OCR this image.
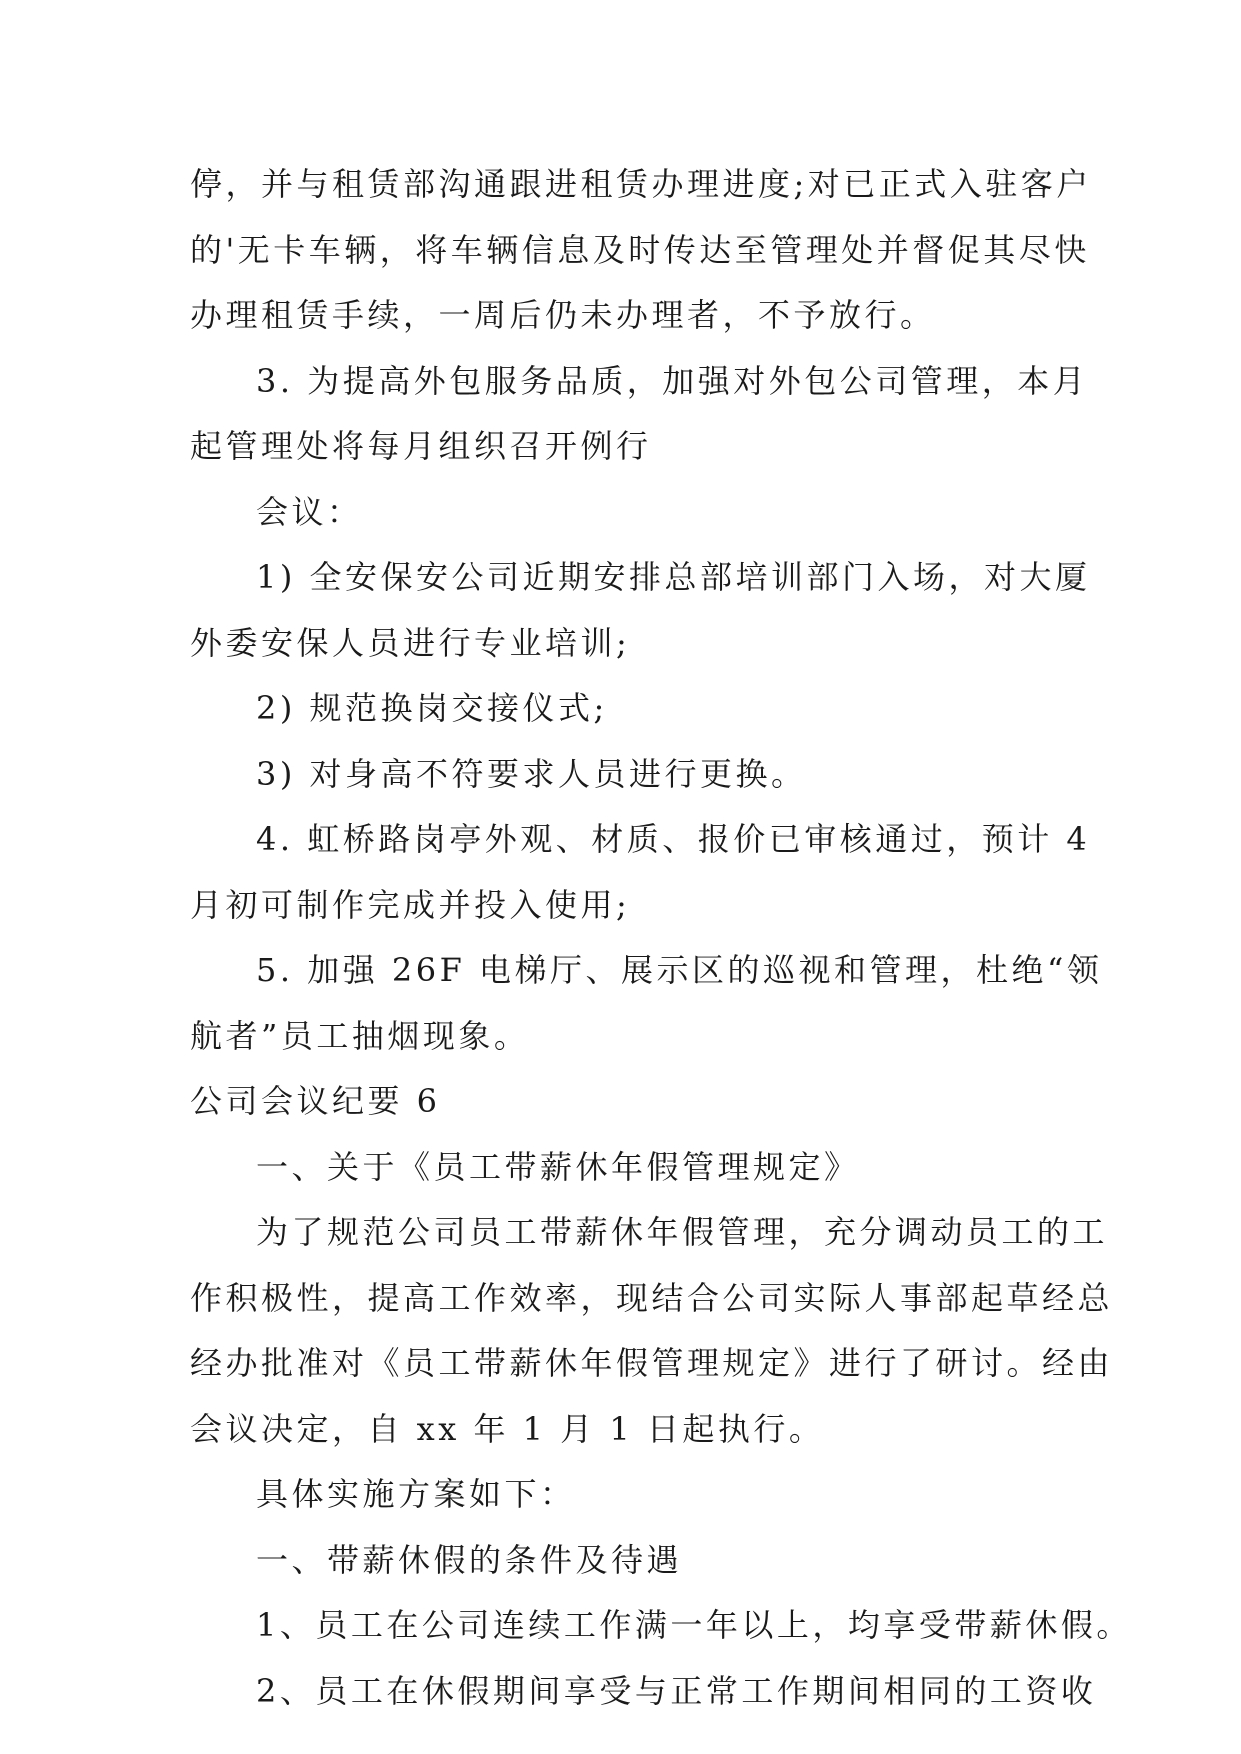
停，并与租赁部沟通跟进租赁办理进度;对已正式入驻客户

的'无卡车辆，将车辆信息及时传达至管理处并督促其尽快

办理租赁手续，一周后仍未办理者，不予放行。

3. 为提高外包服务品质，加强对外包公司管理，本月

起管理处将每月组织召开例行

会议：

1) 全安保安公司近期安排总部培训部门入场，对大厦

外委安保人员进行专业培训;

2) 规范换岗交接仪式;

3) 对身高不符要求人员进行更换。

4. 虹桥路岗亭外观、材质、报价已审核通过，预计 4

月初可制作完成并投入使用;

5. 加强 26F 电梯厅、展示区的巡视和管理，杜绝“领

航者”员工抽烟现象。

公司会议纪要 6

一、关于《员工带薪休年假管理规定》

为了规范公司员工带薪休年假管理，充分调动员工的工

作积极性，提高工作效率，现结合公司实际人事部起草经总

经办批准对《员工带薪休年假管理规定》进行了研讨。经由

会议决定，自 xx 年 1 月 1 日起执行。

具体实施方案如下：

一、带薪休假的条件及待遇

1、员工在公司连续工作满一年以上，均享受带薪休假。

2、员工在休假期间享受与正常工作期间相同的工资收
